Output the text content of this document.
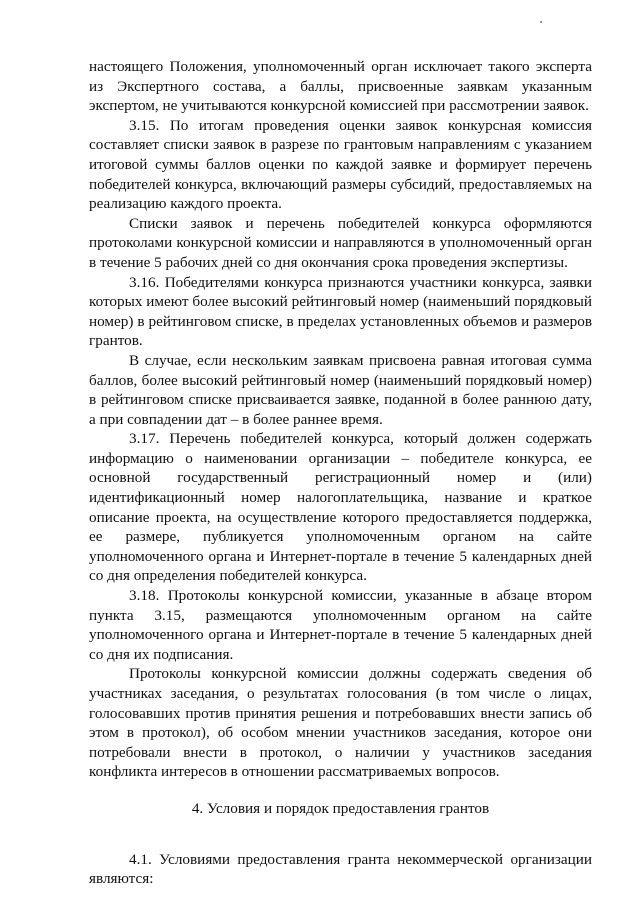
настоящего Положения, уполномоченный орган исключает такого эксперта из Экспертного состава, а баллы, присвоенные заявкам указанным экспертом, не учитываются конкурсной комиссией при рассмотрении заявок.

3.15. По итогам проведения оценки заявок конкурсная комиссия составляет списки заявок в разрезе по грантовым направлениям с указанием итоговой суммы баллов оценки по каждой заявке и формирует перечень победителей конкурса, включающий размеры субсидий, предоставляемых на реализацию каждого проекта.

Списки заявок и перечень победителей конкурса оформляются протоколами конкурсной комиссии и направляются в уполномоченный орган в течение 5 рабочих дней со дня окончания срока проведения экспертизы.

3.16. Победителями конкурса признаются участники конкурса, заявки которых имеют более высокий рейтинговый номер (наименьший порядковый номер) в рейтинговом списке, в пределах установленных объемов и размеров грантов.

В случае, если нескольким заявкам присвоена равная итоговая сумма баллов, более высокий рейтинговый номер (наименьший порядковый номер) в рейтинговом списке присваивается заявке, поданной в более раннюю дату, а при совпадении дат – в более раннее время.

3.17. Перечень победителей конкурса, который должен содержать информацию о наименовании организации – победителе конкурса, ее основной государственный регистрационный номер и (или) идентификационный номер налогоплательщика, название и краткое описание проекта, на осуществление которого предоставляется поддержка, ее размере, публикуется уполномоченным органом на сайте уполномоченного органа и Интернет-портале в течение 5 календарных дней со дня определения победителей конкурса.

3.18. Протоколы конкурсной комиссии, указанные в абзаце втором пункта 3.15, размещаются уполномоченным органом на сайте уполномоченного органа и Интернет-портале в течение 5 календарных дней со дня их подписания.

Протоколы конкурсной комиссии должны содержать сведения об участниках заседания, о результатах голосования (в том числе о лицах, голосовавших против принятия решения и потребовавших внести запись об этом в протокол), об особом мнении участников заседания, которое они потребовали внести в протокол, о наличии у участников заседания конфликта интересов в отношении рассматриваемых вопросов.

4. Условия и порядок предоставления грантов

4.1. Условиями предоставления гранта некоммерческой организации являются:
